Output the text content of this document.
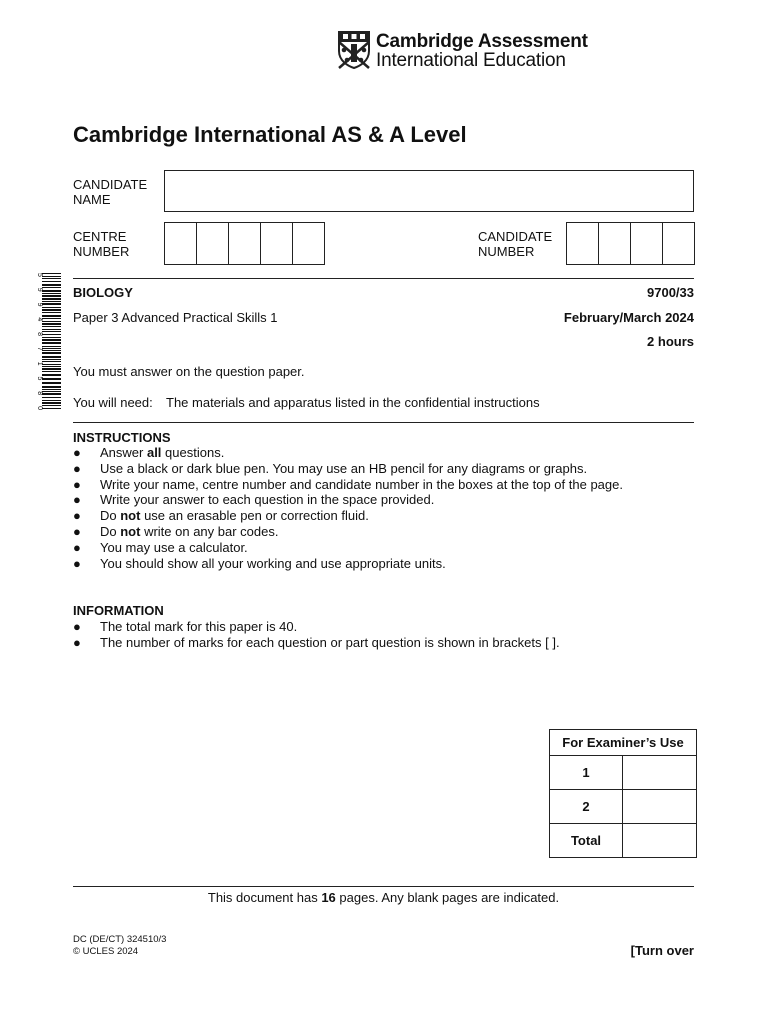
Cambridge Assessment
International Education
Cambridge International AS & A Level
CANDIDATE
NAME
CENTRE
NUMBER
CANDIDATE
NUMBER
5994871580
BIOLOGY	9700/33
Paper 3 Advanced Practical Skills 1	February/March 2024
2 hours
You must answer on the question paper.
You will need: The materials and apparatus listed in the confidential instructions
INSTRUCTIONS
● Answer all questions.
● Use a black or dark blue pen. You may use an HB pencil for any diagrams or graphs.
● Write your name, centre number and candidate number in the boxes at the top of the page.
● Write your answer to each question in the space provided.
● Do not use an erasable pen or correction fluid.
● Do not write on any bar codes.
● You may use a calculator.
● You should show all your working and use appropriate units.
INFORMATION
● The total mark for this paper is 40.
● The number of marks for each question or part question is shown in brackets [ ].
For Examiner’s Use	
1	
2	
Total	
This document has 16 pages. Any blank pages are indicated.
DC (DE/CT) 324510/3
© UCLES 2024	[Turn over
